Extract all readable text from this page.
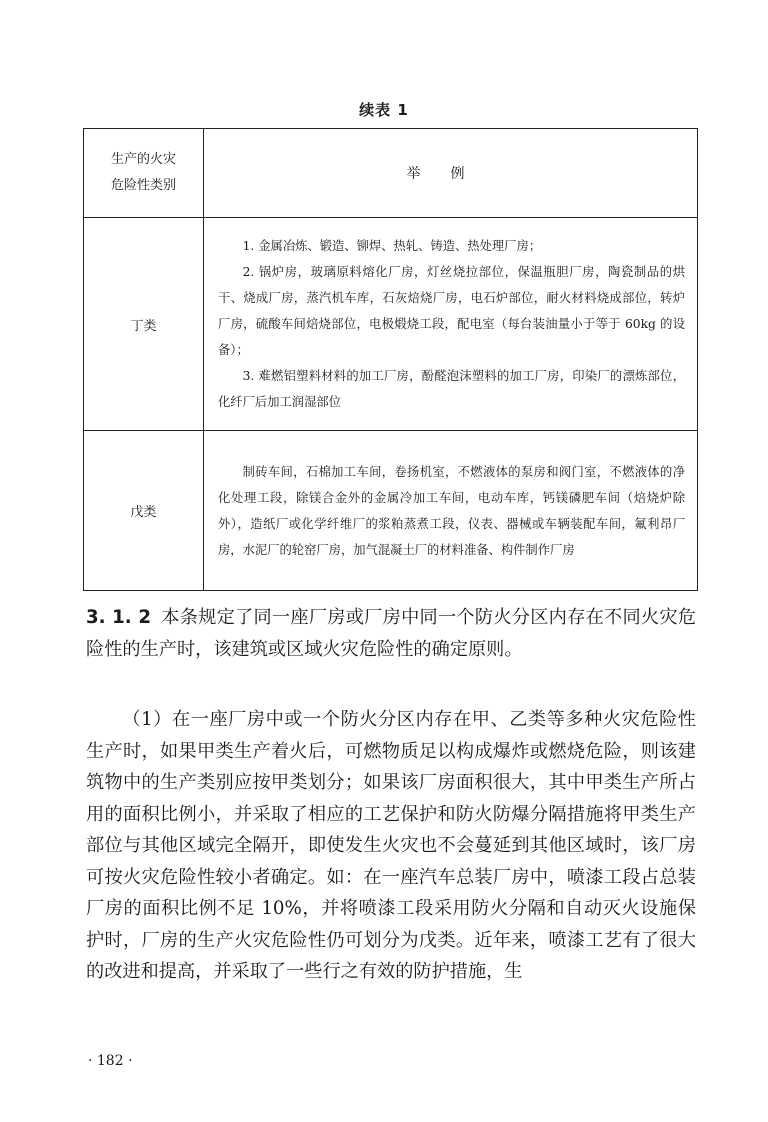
续表 1
生产的火灾
危险性类别	举例
丁类	1. 金属冶炼、锻造、铆焊、热轧、铸造、热处理厂房；

2. 锅炉房，玻璃原料熔化厂房，灯丝烧拉部位，保温瓶胆厂房，陶瓷制品的烘干、烧成厂房，蒸汽机车库，石灰焙烧厂房，电石炉部位，耐火材料烧成部位，转炉厂房，硫酸车间焙烧部位，电极煅烧工段，配电室（每台装油量小于等于 60kg 的设备）；

3. 难燃铝塑料材料的加工厂房，酚醛泡沫塑料的加工厂房，印染厂的漂炼部位，化纤厂后加工润湿部位

戊类	制砖车间，石棉加工车间，卷扬机室，不燃液体的泵房和阀门室，不燃液体的净化处理工段，除镁合金外的金属冷加工车间，电动车库，钙镁磷肥车间（焙烧炉除外），造纸厂或化学纤维厂的浆粕蒸煮工段，仪表、器械或车辆装配车间，氟利昂厂房，水泥厂的轮窑厂房，加气混凝土厂的材料准备、构件制作厂房

3. 1. 2 本条规定了同一座厂房或厂房中同一个防火分区内存在不同火灾危险性的生产时，该建筑或区域火灾危险性的确定原则。

（1）在一座厂房中或一个防火分区内存在甲、乙类等多种火灾危险性生产时，如果甲类生产着火后，可燃物质足以构成爆炸或燃烧危险，则该建筑物中的生产类别应按甲类划分；如果该厂房面积很大，其中甲类生产所占用的面积比例小，并采取了相应的工艺保护和防火防爆分隔措施将甲类生产部位与其他区域完全隔开，即使发生火灾也不会蔓延到其他区域时，该厂房可按火灾危险性较小者确定。如：在一座汽车总装厂房中，喷漆工段占总装厂房的面积比例不足 10%，并将喷漆工段采用防火分隔和自动灭火设施保护时，厂房的生产火灾危险性仍可划分为戊类。近年来，喷漆工艺有了很大的改进和提高，并采取了一些行之有效的防护措施，生

· 182 ·
